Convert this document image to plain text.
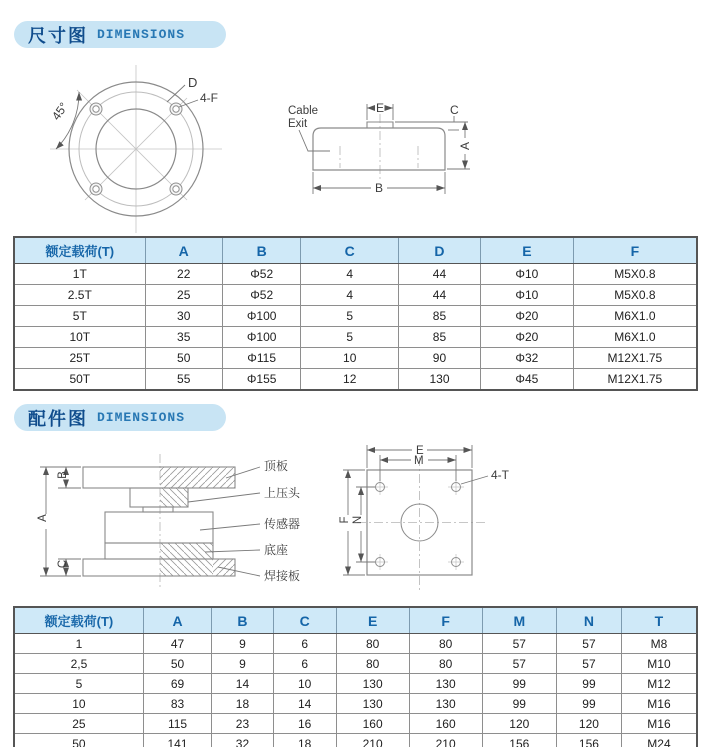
尺寸图 DIMENSIONS
45°
D
4-F
E	C
A
B
Cable
Exit
额定载荷(T)	A	B	C	D	E	F
1T	22	Φ52	4	44	Φ10	M5X0.8
2.5T	25	Φ52	4	44	Φ10	M5X0.8
5T	30	Φ100	5	85	Φ20	M6X1.0
10T	35	Φ100	5	85	Φ20	M6X1.0
25T	50	Φ115	10	90	Φ32	M12X1.75
50T	55	Φ155	12	130	Φ45	M12X1.75
配件图 DIMENSIONS
B
A
C
顶板
上压头
传感器
底座
焊接板
E
M
F N
4-T
额定载荷(T)	A	B	C	E	F	M	N	T
1	47	9	6	80	80	57	57	M8
2,5	50	9	6	80	80	57	57	M10
5	69	14	10	130	130	99	99	M12
10	83	18	14	130	130	99	99	M16
25	115	23	16	160	160	120	120	M16
50	141	32	18	210	210	156	156	M24
